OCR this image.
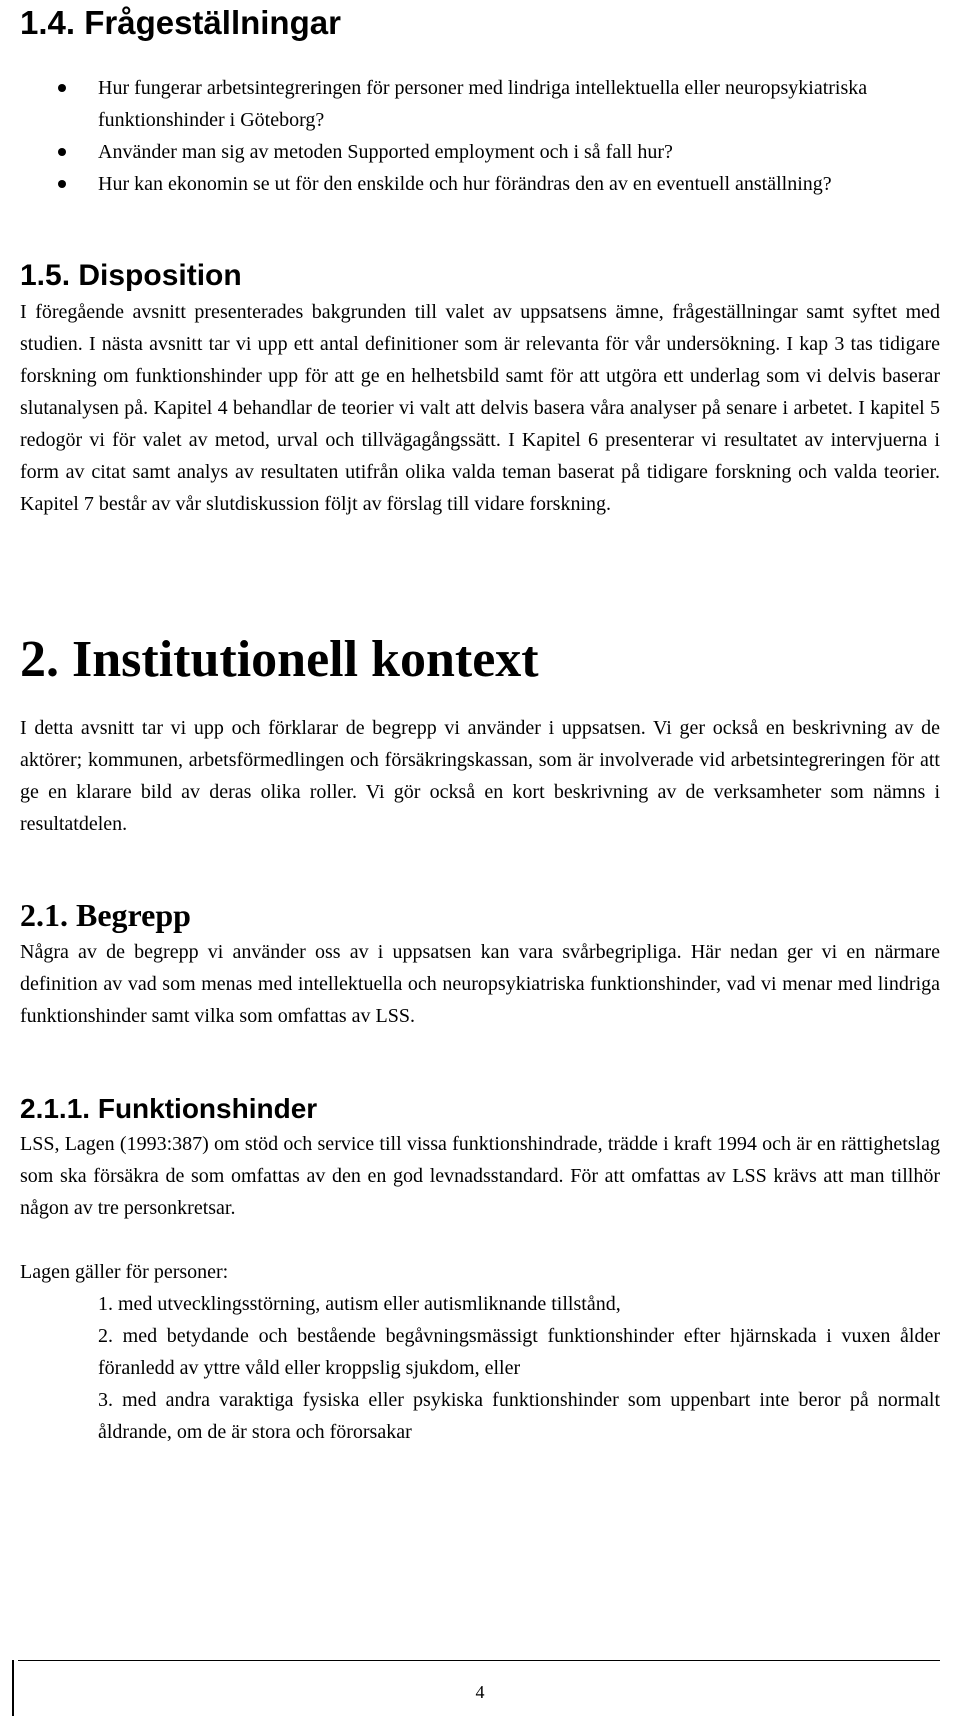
1.4. Frågeställningar
Hur fungerar arbetsintegreringen för personer med lindriga intellektuella eller neuropsykiatriska funktionshinder i Göteborg?
Använder man sig av metoden Supported employment och i så fall hur?
Hur kan ekonomin se ut för den enskilde och hur förändras den av en eventuell anställning?
1.5. Disposition

I föregående avsnitt presenterades bakgrunden till valet av uppsatsens ämne, frågeställningar samt syftet med studien. I nästa avsnitt tar vi upp ett antal definitioner som är relevanta för vår undersökning. I kap 3 tas tidigare forskning om funktionshinder upp för att ge en helhetsbild samt för att utgöra ett underlag som vi delvis baserar slutanalysen på. Kapitel 4 behandlar de teorier vi valt att delvis basera våra analyser på senare i arbetet. I kapitel 5 redogör vi för valet av metod, urval och tillvägagångssätt. I Kapitel 6 presenterar vi resultatet av intervjuerna i form av citat samt analys av resultaten utifrån olika valda teman baserat på tidigare forskning och valda teorier. Kapitel 7 består av vår slutdiskussion följt av förslag till vidare forskning.

2. Institutionell kontext

I detta avsnitt tar vi upp och förklarar de begrepp vi använder i uppsatsen. Vi ger också en beskrivning av de aktörer; kommunen, arbetsförmedlingen och försäkringskassan, som är involverade vid arbetsintegreringen för att ge en klarare bild av deras olika roller. Vi gör också en kort beskrivning av de verksamheter som nämns i resultatdelen.

2.1. Begrepp

Några av de begrepp vi använder oss av i uppsatsen kan vara svårbegripliga. Här nedan ger vi en närmare definition av vad som menas med intellektuella och neuropsykiatriska funktionshinder, vad vi menar med lindriga funktionshinder samt vilka som omfattas av LSS.

2.1.1. Funktionshinder

LSS, Lagen (1993:387) om stöd och service till vissa funktionshindrade, trädde i kraft 1994 och är en rättighetslag som ska försäkra de som omfattas av den en god levnadsstandard. För att omfattas av LSS krävs att man tillhör någon av tre personkretsar.

Lagen gäller för personer:

1. med utvecklingsstörning, autism eller autismliknande tillstånd,
2. med betydande och bestående begåvningsmässigt funktionshinder efter hjärnskada i vuxen ålder föranledd av yttre våld eller kroppslig sjukdom, eller
3. med andra varaktiga fysiska eller psykiska funktionshinder som uppenbart inte beror på normalt åldrande, om de är stora och förorsakar
4
